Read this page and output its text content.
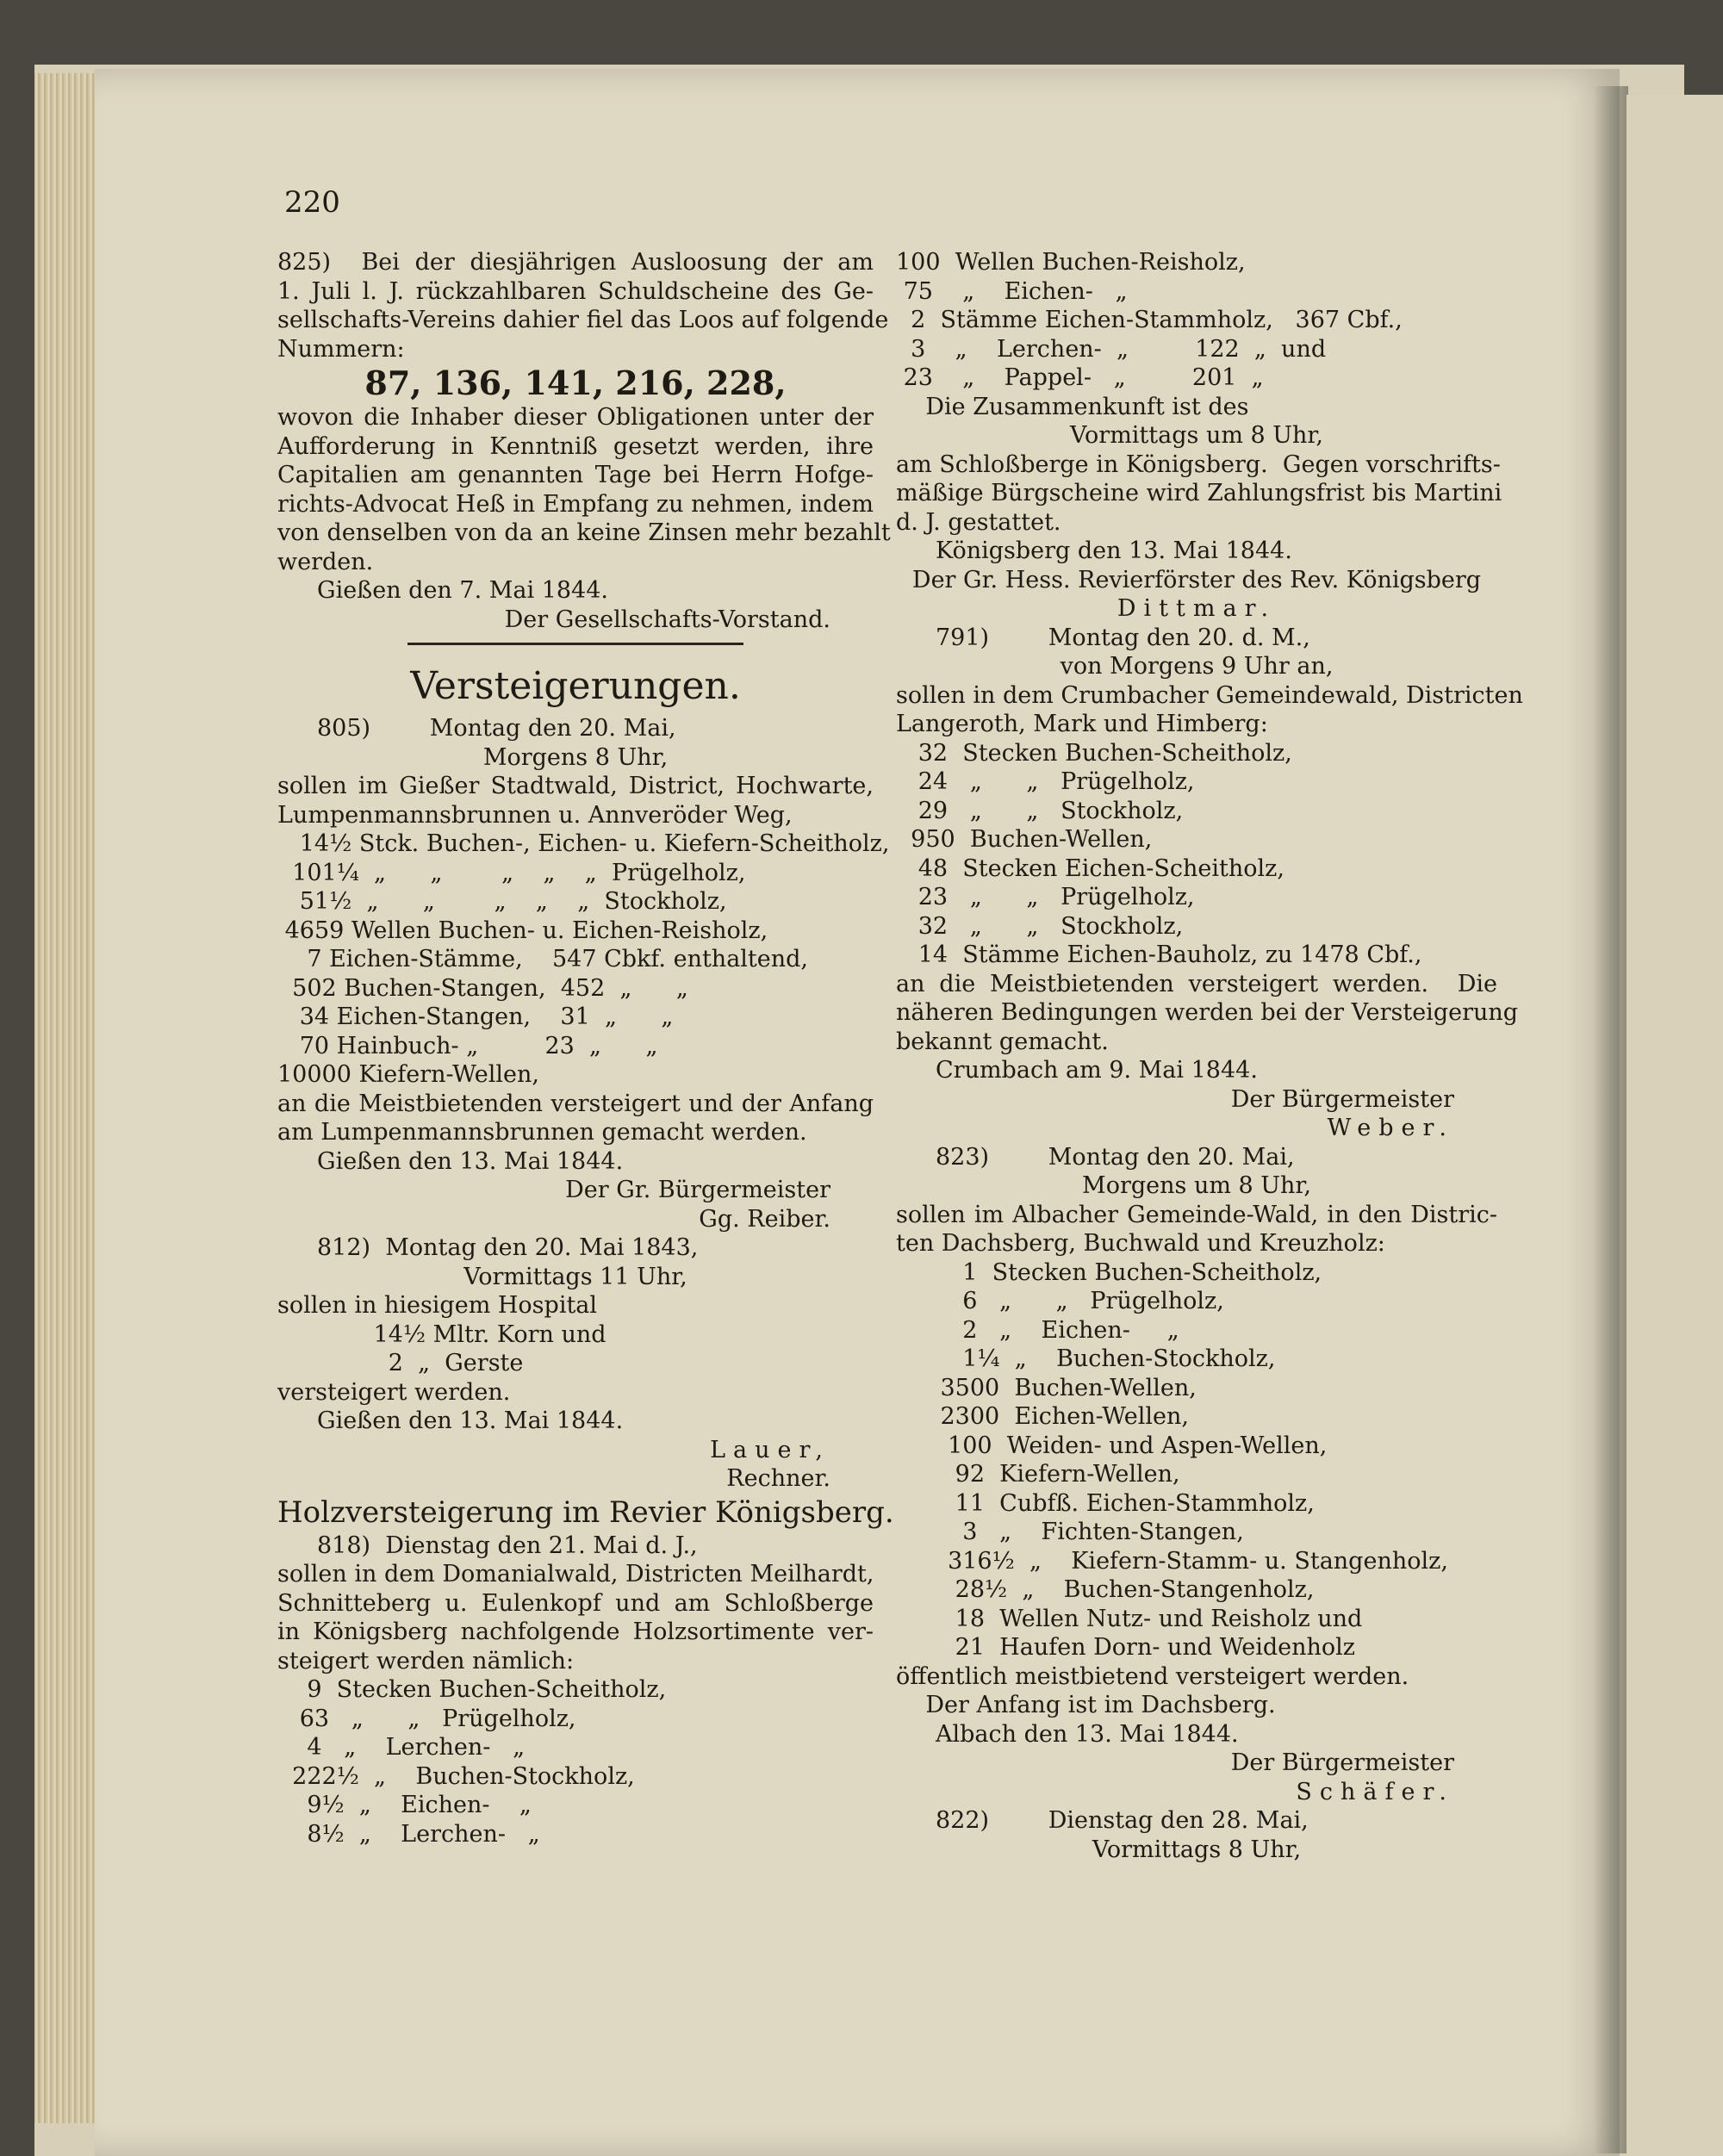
220
825)  Bei der diesjährigen Ausloosung der am
1. Juli l. J. rückzahlbaren Schuldscheine des Ge-
sellschafts-Vereins dahier fiel das Loos auf folgende
Nummern:
87, 136, 141, 216, 228,
wovon die Inhaber dieser Obligationen unter der
Aufforderung in Kenntniß gesetzt werden, ihre
Capitalien am genannten Tage bei Herrn Hofge-
richts-Advocat Heß in Empfang zu nehmen, indem
von denselben von da an keine Zinsen mehr bezahlt
werden.
Gießen den 7. Mai 1844.
Der Gesellschafts-Vorstand.
Versteigerungen.
805)        Montag den 20. Mai,
Morgens 8 Uhr,
sollen im Gießer Stadtwald, District, Hochwarte,
Lumpenmannsbrunnen u. Annveröder Weg,
14½ Stck. Buchen-, Eichen- u. Kiefern-Scheitholz,
101¼  „      „        „    „    „  Prügelholz,
51½  „      „        „    „    „  Stockholz,
4659 Wellen Buchen- u. Eichen-Reisholz,
7 Eichen-Stämme,    547 Cbkf. enthaltend,
502 Buchen-Stangen,  452  „      „
34 Eichen-Stangen,    31  „      „
70 Hainbuch- „         23  „      „
10000 Kiefern-Wellen,
an die Meistbietenden versteigert und der Anfang
am Lumpenmannsbrunnen gemacht werden.
Gießen den 13. Mai 1844.
Der Gr. Bürgermeister
Gg. Reiber.
812)  Montag den 20. Mai 1843,
Vormittags 11 Uhr,
sollen in hiesigem Hospital
14½ Mltr. Korn und
2  „  Gerste
versteigert werden.
Gießen den 13. Mai 1844.
Lauer,
Rechner.
Holzversteigerung im Revier Königsberg.
818)  Dienstag den 21. Mai d. J.,
sollen in dem Domanialwald, Districten Meilhardt,
Schnitteberg u. Eulenkopf und am Schloßberge
in Königsberg nachfolgende Holzsortimente ver-
steigert werden nämlich:
9  Stecken Buchen-Scheitholz,
63   „      „   Prügelholz,
4   „    Lerchen-   „
222½  „    Buchen-Stockholz,
9½  „    Eichen-    „
8½  „    Lerchen-   „
100  Wellen Buchen-Reisholz,
75    „    Eichen-   „
2  Stämme Eichen-Stammholz,   367 Cbf.,
3    „    Lerchen-  „         122  „  und
23    „    Pappel-   „         201  „
Die Zusammenkunft ist des
Vormittags um 8 Uhr,
am Schloßberge in Königsberg.  Gegen vorschrifts-
mäßige Bürgscheine wird Zahlungsfrist bis Martini
d. J. gestattet.
Königsberg den 13. Mai 1844.
Der Gr. Hess. Revierförster des Rev. Königsberg
Dittmar.
791)        Montag den 20. d. M.,
von Morgens 9 Uhr an,
sollen in dem Crumbacher Gemeindewald, Districten
Langeroth, Mark und Himberg:
32  Stecken Buchen-Scheitholz,
24   „      „   Prügelholz,
29   „      „   Stockholz,
950  Buchen-Wellen,
48  Stecken Eichen-Scheitholz,
23   „      „   Prügelholz,
32   „      „   Stockholz,
14  Stämme Eichen-Bauholz, zu 1478 Cbf.,
an die Meistbietenden versteigert werden.  Die
näheren Bedingungen werden bei der Versteigerung
bekannt gemacht.
Crumbach am 9. Mai 1844.
Der Bürgermeister
Weber.
823)        Montag den 20. Mai,
Morgens um 8 Uhr,
sollen im Albacher Gemeinde-Wald, in den Distric-
ten Dachsberg, Buchwald und Kreuzholz:
1  Stecken Buchen-Scheitholz,
6   „      „   Prügelholz,
2   „    Eichen-     „
1¼  „    Buchen-Stockholz,
3500  Buchen-Wellen,
2300  Eichen-Wellen,
100  Weiden- und Aspen-Wellen,
92  Kiefern-Wellen,
11  Cubfß. Eichen-Stammholz,
3   „    Fichten-Stangen,
316½  „    Kiefern-Stamm- u. Stangenholz,
28½  „    Buchen-Stangenholz,
18  Wellen Nutz- und Reisholz und
21  Haufen Dorn- und Weidenholz
öffentlich meistbietend versteigert werden.
Der Anfang ist im Dachsberg.
Albach den 13. Mai 1844.
Der Bürgermeister
Schäfer.
822)        Dienstag den 28. Mai,
Vormittags 8 Uhr,
